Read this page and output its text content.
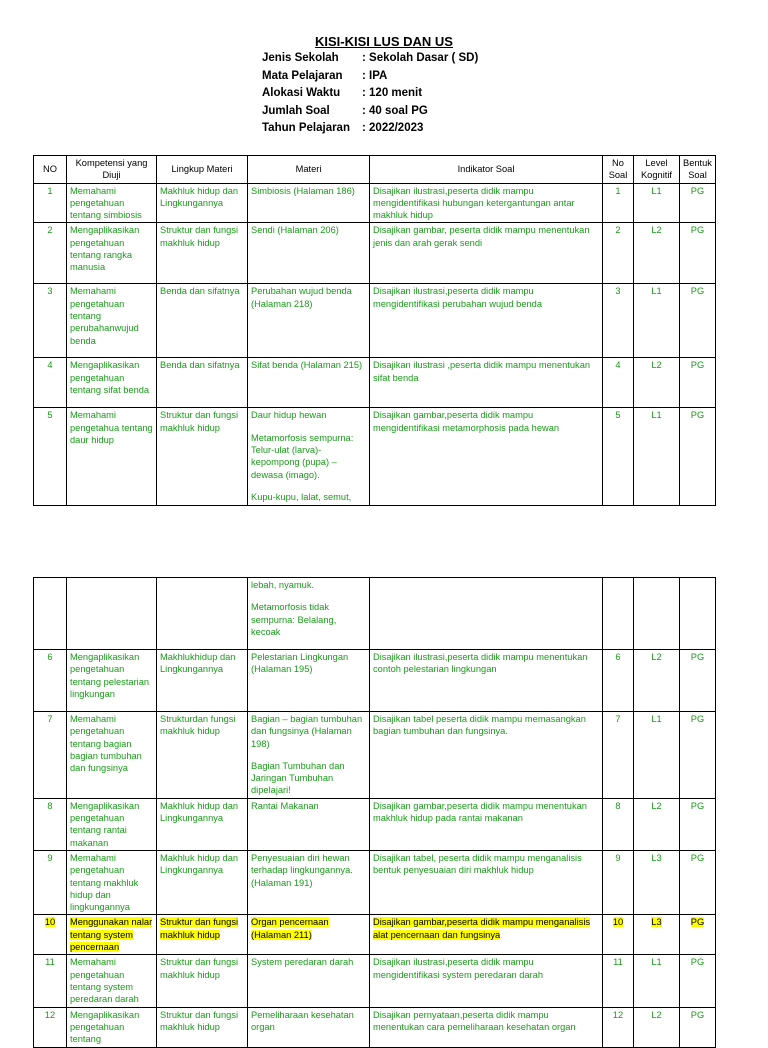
KISI-KISI LUS DAN US
Jenis Sekolah	: Sekolah Dasar ( SD)
Mata Pelajaran	: IPA
Alokasi Waktu	: 120 menit
Jumlah Soal	: 40 soal PG
Tahun Pelajaran	: 2022/2023
NO	Kompetensi yang Diuji	Lingkup Materi	Materi	Indikator Soal	No Soal	Level Kognitif	Bentuk Soal
1	Memahami pengetahuan tentang simbiosis	Makhluk hidup dan Lingkungannya	Simbiosis (Halaman 186)	Disajikan ilustrasi,peserta didik mampu mengidentifikasi hubungan ketergantungan antar makhluk hidup	1	L1	PG
2	Mengaplikasikan pengetahuan tentang rangka manusia	Struktur dan fungsi makhluk hidup	Sendi (Halaman 206)	Disajikan gambar, peserta didik mampu menentukan jenis dan arah gerak sendi	2	L2	PG
3	Memahami pengetahuan tentang perubahanwujud benda	Benda dan sifatnya	Perubahan wujud benda (Halaman 218)	Disajikan ilustrasi,peserta didik mampu mengidentifikasi perubahan wujud benda	3	L1	PG
4	Mengaplikasikan pengetahuan tentang sifat benda	Benda dan sifatnya	Sifat benda (Halaman 215)	Disajikan ilustrasi ,peserta didik mampu menentukan sifat benda	4	L2	PG
5	Memahami pengetahua tentang daur hidup	Struktur dan fungsi makhluk hidup	Daur hidup hewan
Metamorfosis sempurna: Telur-ulat (larva)-kepompong (pupa) – dewasa (imago).
Kupu-kupu, lalat, semut,	Disajikan gambar,peserta didik mampu mengidentifikasi metamorphosis pada hewan	5	L1	PG

			lebah, nyamuk.
Metamorfosis tidak sempurna: Belalang, kecoak				

6	Mengaplikasikan pengetahuan tentang pelestarian lingkungan	Makhlukhidup dan Lingkungannya	Pelestarian Lingkungan (Halaman 195)	Disajikan ilustrasi,peserta didik mampu menentukan contoh pelestarian lingkungan	6	L2	PG
7	Memahami pengetahuan tentang bagian bagian tumbuhan dan fungsinya	Strukturdan fungsi makhluk hidup	Bagian – bagian tumbuhan dan fungsinya (Halaman 198)
Bagian Tumbuhan dan Jaringan Tumbuhan dipelajari!	Disajikan tabel peserta didik mampu memasangkan bagian tumbuhan dan fungsinya.	7	L1	PG
8	Mengaplikasikan pengetahuan tentang rantai makanan	Makhluk hidup dan Lingkungannya	Rantai Makanan	Disajikan gambar,peserta didik mampu menentukan makhluk hidup pada rantai makanan	8	L2	PG
9	Memahami pengetahuan tentang makhluk hidup dan lingkungannya	Makhluk hidup dan Lingkungannya	Penyesuaian diri hewan terhadap lingkungannya. (Halaman 191)	Disajikan tabel, peserta didik mampu menganalisis bentuk penyesuaian diri makhluk hidup	9	L3	PG
10	Menggunakan nalar tentang system pencernaan	Struktur dan fungsi makhluk hidup	Organ pencernaan (Halaman 211)	Disajikan gambar,peserta didik mampu menganalisis alat pencernaan dan fungsinya	10	L3	PG
11	Memahami pengetahuan tentang system peredaran darah	Struktur dan fungsi makhluk hidup	System peredaran darah	Disajikan ilustrasi,peserta didik mampu mengidentifikasi system peredaran darah	11	L1	PG
12	Mengaplikasikan pengetahuan tentang	Struktur dan fungsi makhluk hidup	Pemeliharaan kesehatan organ	Disajikan pernyataan,peserta didik mampu menentukan cara pemeliharaan kesehatan organ	12	L2	PG
